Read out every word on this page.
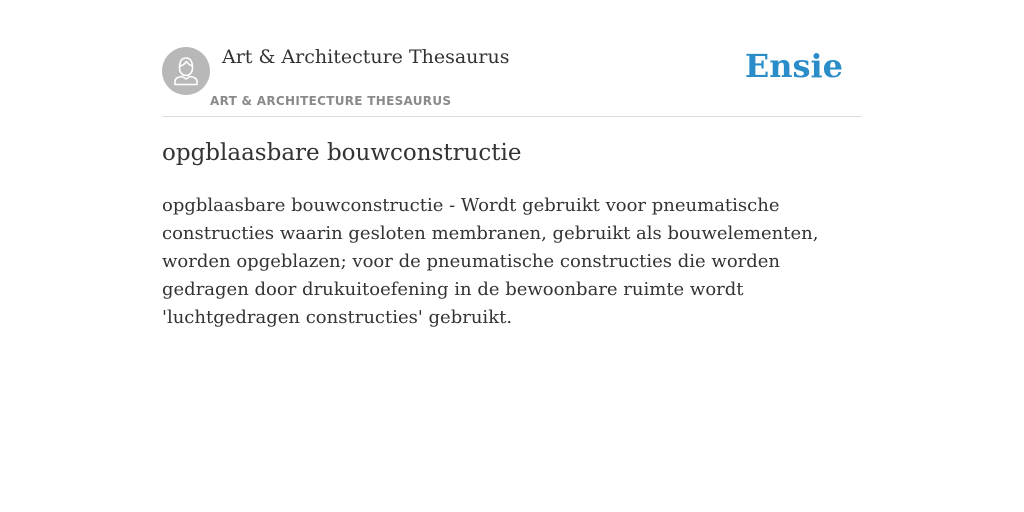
Art & Architecture Thesaurus
ART & ARCHITECTURE THESAURUS
Ensie
opgblaasbare bouwconstructie

opgblaasbare bouwconstructie - Wordt gebruikt voor pneumatische constructies waarin gesloten membranen, gebruikt als bouwelementen, worden opgeblazen; voor de pneumatische constructies die worden gedragen door drukuitoefening in de bewoonbare ruimte wordt 'luchtgedragen constructies' gebruikt.
